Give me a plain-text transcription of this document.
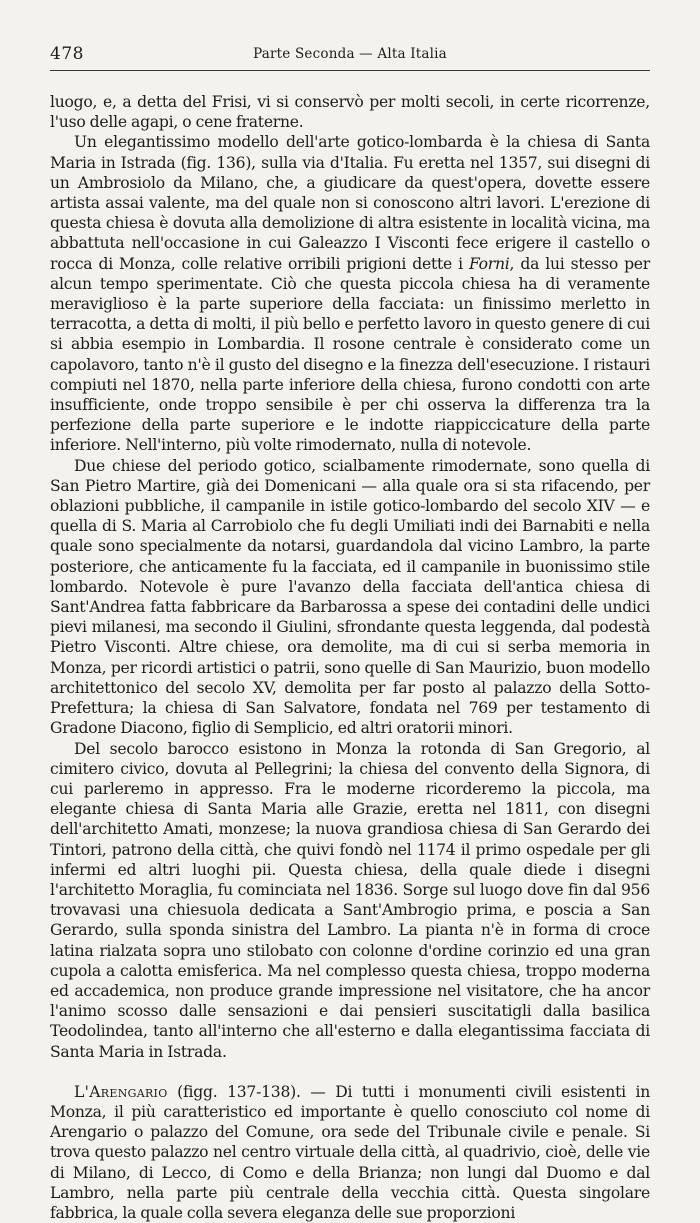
478	Parte Seconda — Alta Italia

luogo, e, a detta del Frisi, vi si conservò per molti secoli, in certe ricorrenze, l'uso delle agapi, o cene fraterne.

Un elegantissimo modello dell'arte gotico-lombarda è la chiesa di Santa Maria in Istrada (fig. 136), sulla via d'Italia. Fu eretta nel 1357, sui disegni di un Ambrosiolo da Milano, che, a giudicare da quest'opera, dovette essere artista assai valente, ma del quale non si conoscono altri lavori. L'erezione di questa chiesa è dovuta alla demolizione di altra esistente in località vicina, ma abbattuta nell'occasione in cui Galeazzo I Visconti fece erigere il castello o rocca di Monza, colle relative orribili prigioni dette i Forni, da lui stesso per alcun tempo sperimentate. Ciò che questa piccola chiesa ha di veramente meraviglioso è la parte superiore della facciata: un finissimo merletto in terracotta, a detta di molti, il più bello e perfetto lavoro in questo genere di cui si abbia esempio in Lombardia. Il rosone centrale è considerato come un capolavoro, tanto n'è il gusto del disegno e la finezza dell'esecuzione. I ristauri compiuti nel 1870, nella parte inferiore della chiesa, furono condotti con arte insufficiente, onde troppo sensibile è per chi osserva la differenza tra la perfezione della parte superiore e le indotte riappiccicature della parte inferiore. Nell'interno, più volte rimodernato, nulla di notevole.

Due chiese del periodo gotico, scialbamente rimodernate, sono quella di San Pietro Martire, già dei Domenicani — alla quale ora si sta rifacendo, per oblazioni pubbliche, il campanile in istile gotico-lombardo del secolo XIV — e quella di S. Maria al Carrobiolo che fu degli Umiliati indi dei Barnabiti e nella quale sono specialmente da notarsi, guardandola dal vicino Lambro, la parte posteriore, che anticamente fu la facciata, ed il campanile in buonissimo stile lombardo. Notevole è pure l'avanzo della facciata dell'antica chiesa di Sant'Andrea fatta fabbricare da Barbarossa a spese dei contadini delle undici pievi milanesi, ma secondo il Giulini, sfrondante questa leggenda, dal podestà Pietro Visconti. Altre chiese, ora demolite, ma di cui si serba memoria in Monza, per ricordi artistici o patrii, sono quelle di San Maurizio, buon modello architettonico del secolo XV, demolita per far posto al palazzo della Sotto-Prefettura; la chiesa di San Salvatore, fondata nel 769 per testamento di Gradone Diacono, figlio di Semplicio, ed altri oratorii minori.

Del secolo barocco esistono in Monza la rotonda di San Gregorio, al cimitero civico, dovuta al Pellegrini; la chiesa del convento della Signora, di cui parleremo in appresso. Fra le moderne ricorderemo la piccola, ma elegante chiesa di Santa Maria alle Grazie, eretta nel 1811, con disegni dell'architetto Amati, monzese; la nuova grandiosa chiesa di San Gerardo dei Tintori, patrono della città, che quivi fondò nel 1174 il primo ospedale per gli infermi ed altri luoghi pii. Questa chiesa, della quale diede i disegni l'architetto Moraglia, fu cominciata nel 1836. Sorge sul luogo dove fin dal 956 trovavasi una chiesuola dedicata a Sant'Ambrogio prima, e poscia a San Gerardo, sulla sponda sinistra del Lambro. La pianta n'è in forma di croce latina rialzata sopra uno stilobato con colonne d'ordine corinzio ed una gran cupola a calotta emisferica. Ma nel complesso questa chiesa, troppo moderna ed accademica, non produce grande impressione nel visitatore, che ha ancor l'animo scosso dalle sensazioni e dai pensieri suscitatigli dalla basilica Teodolindea, tanto all'interno che all'esterno e dalla elegantissima facciata di Santa Maria in Istrada.

L'Arengario (figg. 137-138). — Di tutti i monumenti civili esistenti in Monza, il più caratteristico ed importante è quello conosciuto col nome di Arengario o palazzo del Comune, ora sede del Tribunale civile e penale. Si trova questo palazzo nel centro virtuale della città, al quadrivio, cioè, delle vie di Milano, di Lecco, di Como e della Brianza; non lungi dal Duomo e dal Lambro, nella parte più centrale della vecchia città. Questa singolare fabbrica, la quale colla severa eleganza delle sue proporzioni
